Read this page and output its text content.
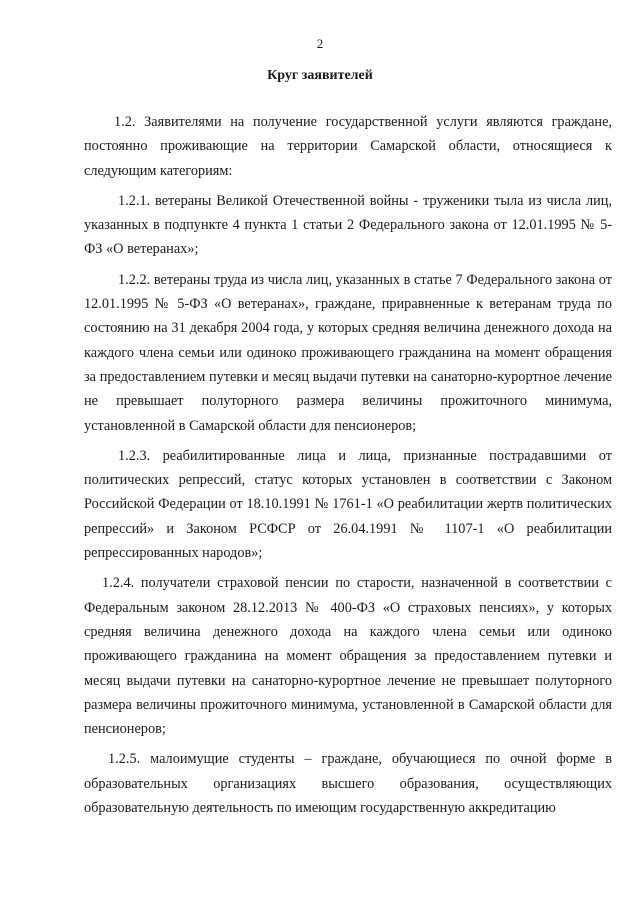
2
Круг заявителей

1.2. Заявителями на получение государственной услуги являются граждане, постоянно проживающие на территории Самарской области, относящиеся к следующим категориям:

1.2.1. ветераны Великой Отечественной войны - труженики тыла из числа лиц, указанных в подпункте 4 пункта 1 статьи 2 Федерального закона от 12.01.1995 № 5-ФЗ «О ветеранах»;

1.2.2. ветераны труда из числа лиц, указанных в статье 7 Федерального закона от 12.01.1995 № 5-ФЗ «О ветеранах», граждане, приравненные к ветеранам труда по состоянию на 31 декабря 2004 года, у которых средняя величина денежного дохода на каждого члена семьи или одиноко проживающего гражданина на момент обращения за предоставлением путевки и месяц выдачи путевки на санаторно-курортное лечение не превышает полуторного размера величины прожиточного минимума, установленной в Самарской области для пенсионеров;

1.2.3. реабилитированные лица и лица, признанные пострадавшими от политических репрессий, статус которых установлен в соответствии с Законом Российской Федерации от 18.10.1991 № 1761-1 «О реабилитации жертв политических репрессий» и Законом РСФСР от 26.04.1991 № 1107-1 «О реабилитации репрессированных народов»;

1.2.4. получатели страховой пенсии по старости, назначенной в соответствии с Федеральным законом 28.12.2013 № 400-ФЗ «О страховых пенсиях», у которых средняя величина денежного дохода на каждого члена семьи или одиноко проживающего гражданина на момент обращения за предоставлением путевки и месяц выдачи путевки на санаторно-курортное лечение не превышает полуторного размера величины прожиточного минимума, установленной в Самарской области для пенсионеров;

1.2.5. малоимущие студенты – граждане, обучающиеся по очной форме в образовательных организациях высшего образования, осуществляющих образовательную деятельность по имеющим государственную аккредитацию
